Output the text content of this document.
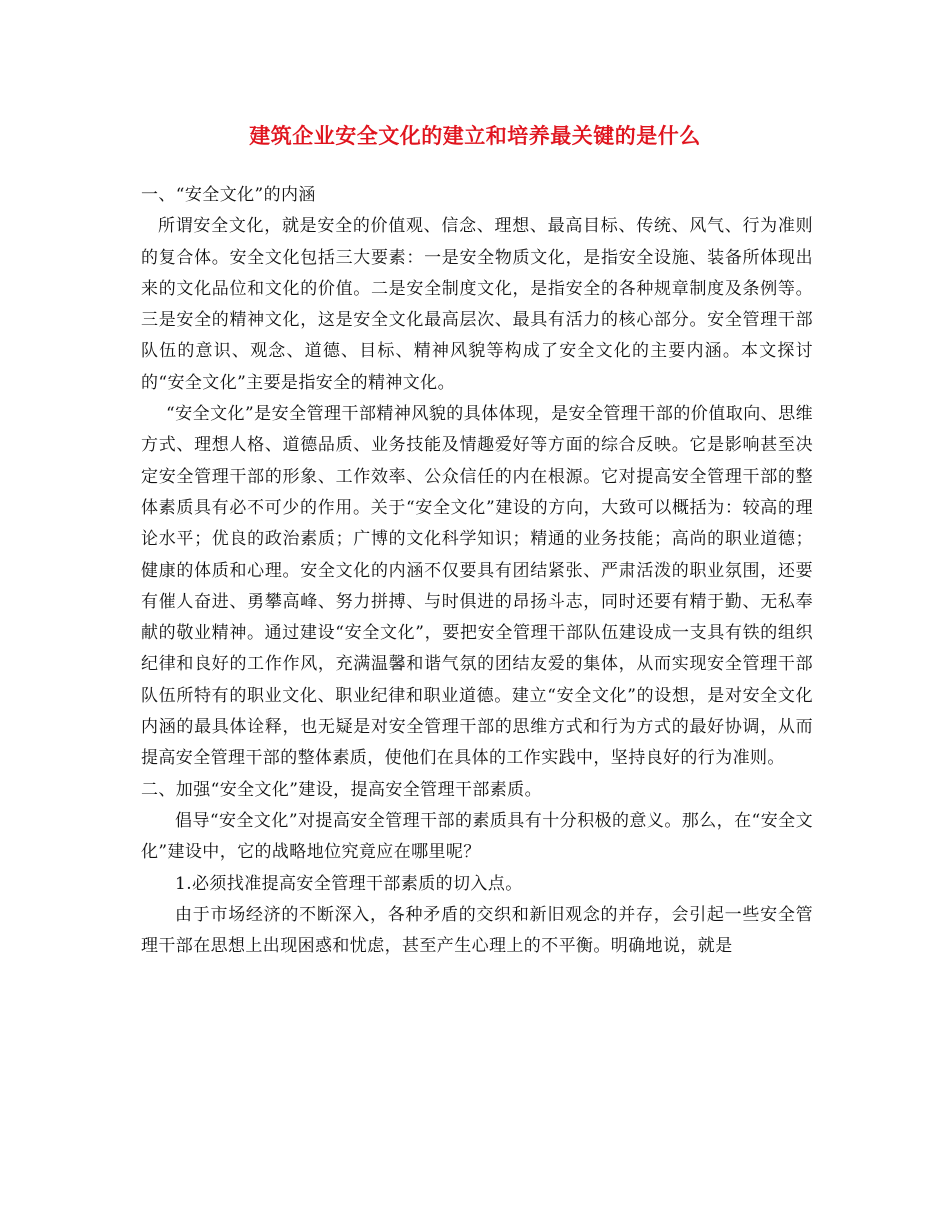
建筑企业安全文化的建立和培养最关键的是什么

一、“安全文化”的内涵

所谓安全文化，就是安全的价值观、信念、理想、最高目标、传统、风气、行为准则的复合体。安全文化包括三大要素：一是安全物质文化，是指安全设施、装备所体现出来的文化品位和文化的价值。二是安全制度文化，是指安全的各种规章制度及条例等。三是安全的精神文化，这是安全文化最高层次、最具有活力的核心部分。安全管理干部队伍的意识、观念、道德、目标、精神风貌等构成了安全文化的主要内涵。本文探讨的“安全文化”主要是指安全的精神文化。

“安全文化”是安全管理干部精神风貌的具体体现，是安全管理干部的价值取向、思维方式、理想人格、道德品质、业务技能及情趣爱好等方面的综合反映。它是影响甚至决定安全管理干部的形象、工作效率、公众信任的内在根源。它对提高安全管理干部的整体素质具有必不可少的作用。关于“安全文化”建设的方向，大致可以概括为：较高的理论水平；优良的政治素质；广博的文化科学知识；精通的业务技能；高尚的职业道德；健康的体质和心理。安全文化的内涵不仅要具有团结紧张、严肃活泼的职业氛围，还要有催人奋进、勇攀高峰、努力拼搏、与时俱进的昂扬斗志，同时还要有精于勤、无私奉献的敬业精神。通过建设“安全文化”，要把安全管理干部队伍建设成一支具有铁的组织纪律和良好的工作作风，充满温馨和谐气氛的团结友爱的集体，从而实现安全管理干部队伍所特有的职业文化、职业纪律和职业道德。建立“安全文化”的设想，是对安全文化内涵的最具体诠释，也无疑是对安全管理干部的思维方式和行为方式的最好协调，从而提高安全管理干部的整体素质，使他们在具体的工作实践中，坚持良好的行为准则。

二、加强“安全文化”建设，提高安全管理干部素质。

倡导“安全文化”对提高安全管理干部的素质具有十分积极的意义。那么，在“安全文化”建设中，它的战略地位究竟应在哪里呢？

1.必须找准提高安全管理干部素质的切入点。

由于市场经济的不断深入，各种矛盾的交织和新旧观念的并存，会引起一些安全管理干部在思想上出现困惑和忧虑，甚至产生心理上的不平衡。明确地说，就是
